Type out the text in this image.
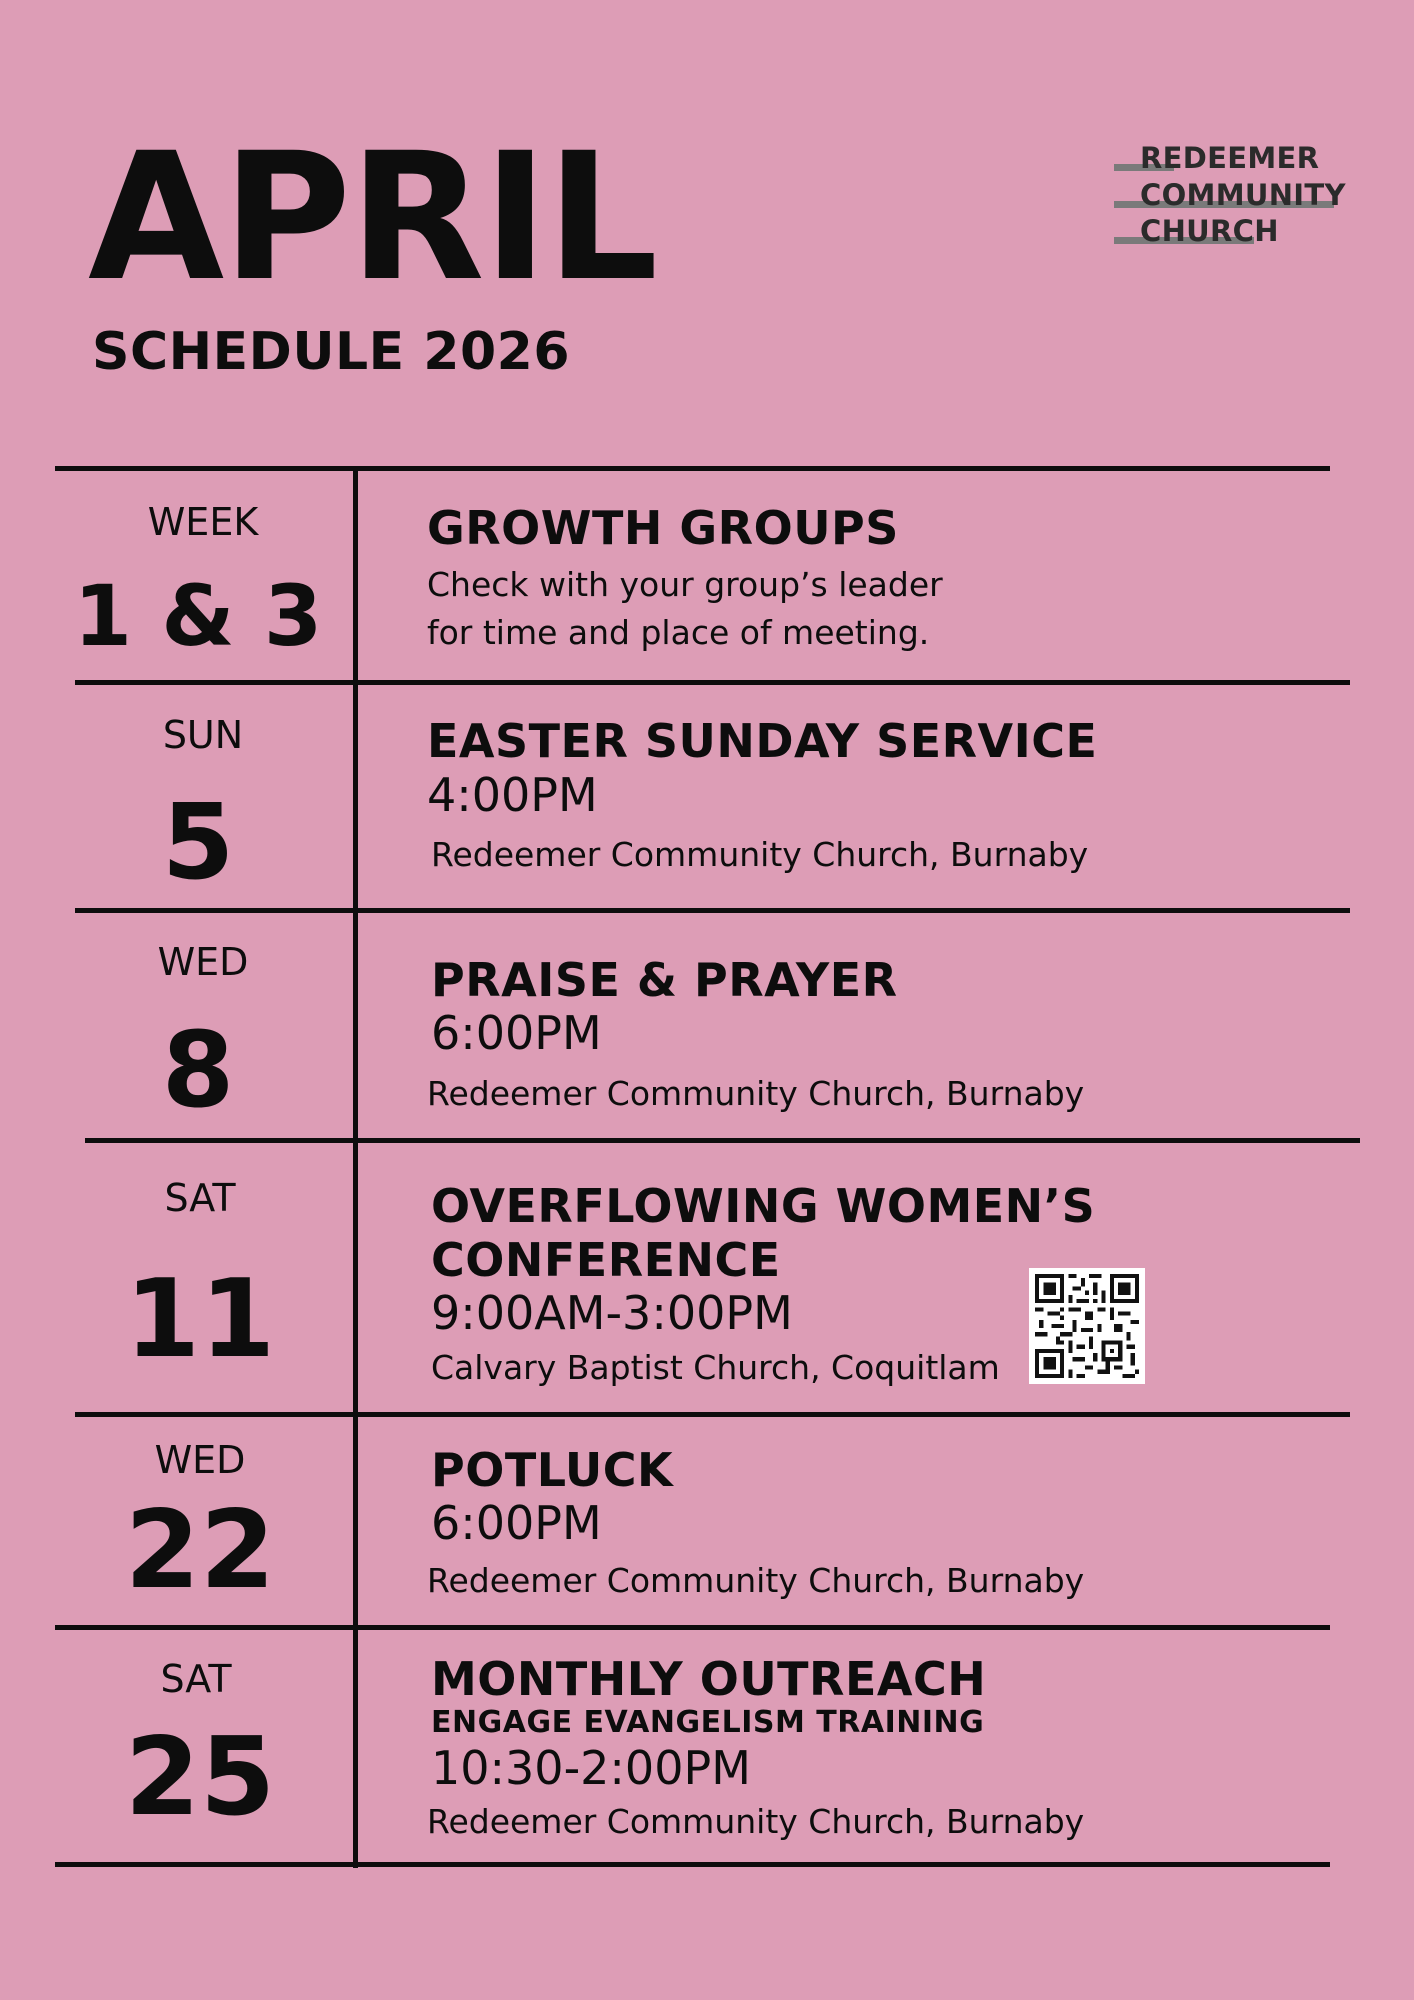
APRIL
SCHEDULE 2026
REDEEMER
COMMUNITY
CHURCH
WEEK
1 & 3
GROWTH GROUPS
Check with your group’s leader
for time and place of meeting.
SUN
5
EASTER SUNDAY SERVICE
4:00PM
Redeemer Community Church, Burnaby
WED
8
PRAISE & PRAYER
6:00PM
Redeemer Community Church, Burnaby
SAT
11
OVERFLOWING WOMEN’S
CONFERENCE
9:00AM-3:00PM
Calvary Baptist Church, Coquitlam
WED
22
POTLUCK
6:00PM
Redeemer Community Church, Burnaby
SAT
25
MONTHLY OUTREACH
ENGAGE EVANGELISM TRAINING
10:30-2:00PM
Redeemer Community Church, Burnaby
